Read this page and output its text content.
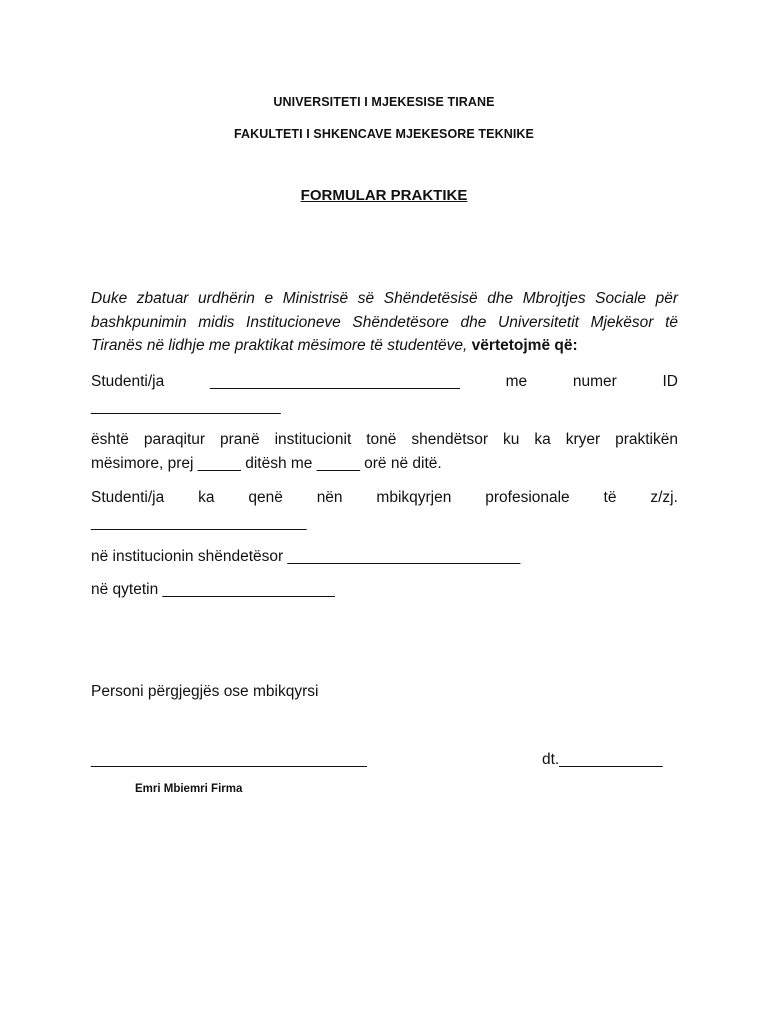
UNIVERSITETI I MJEKESISE TIRANE
FAKULTETI I SHKENCAVE MJEKESORE TEKNIKE
FORMULAR PRAKTIKE
Duke zbatuar urdhërin e Ministrisë së Shëndetësisë dhe Mbrojtjes Sociale për
bashkpunimin midis Institucioneve Shëndetësore dhe Universitetit Mjekësor të
Tiranës në lidhje me praktikat mësimore të studentëve, vërtetojmë që:
Studenti/ja	_____________________________	me	numer	ID
______________________
është paraqitur pranë institucionit tonë shendëtsor ku ka kryer praktikën
mësimore, prej _____ ditësh me _____ orë në ditë.
Studenti/ja ka qenë nën mbikqyrjen profesionale të z/zj.
_________________________
në institucionin shëndetësor ___________________________
në qytetin ____________________
Personi përgjegjës ose mbikqyrsi
________________________________	dt.____________
Emri Mbiemri Firma
